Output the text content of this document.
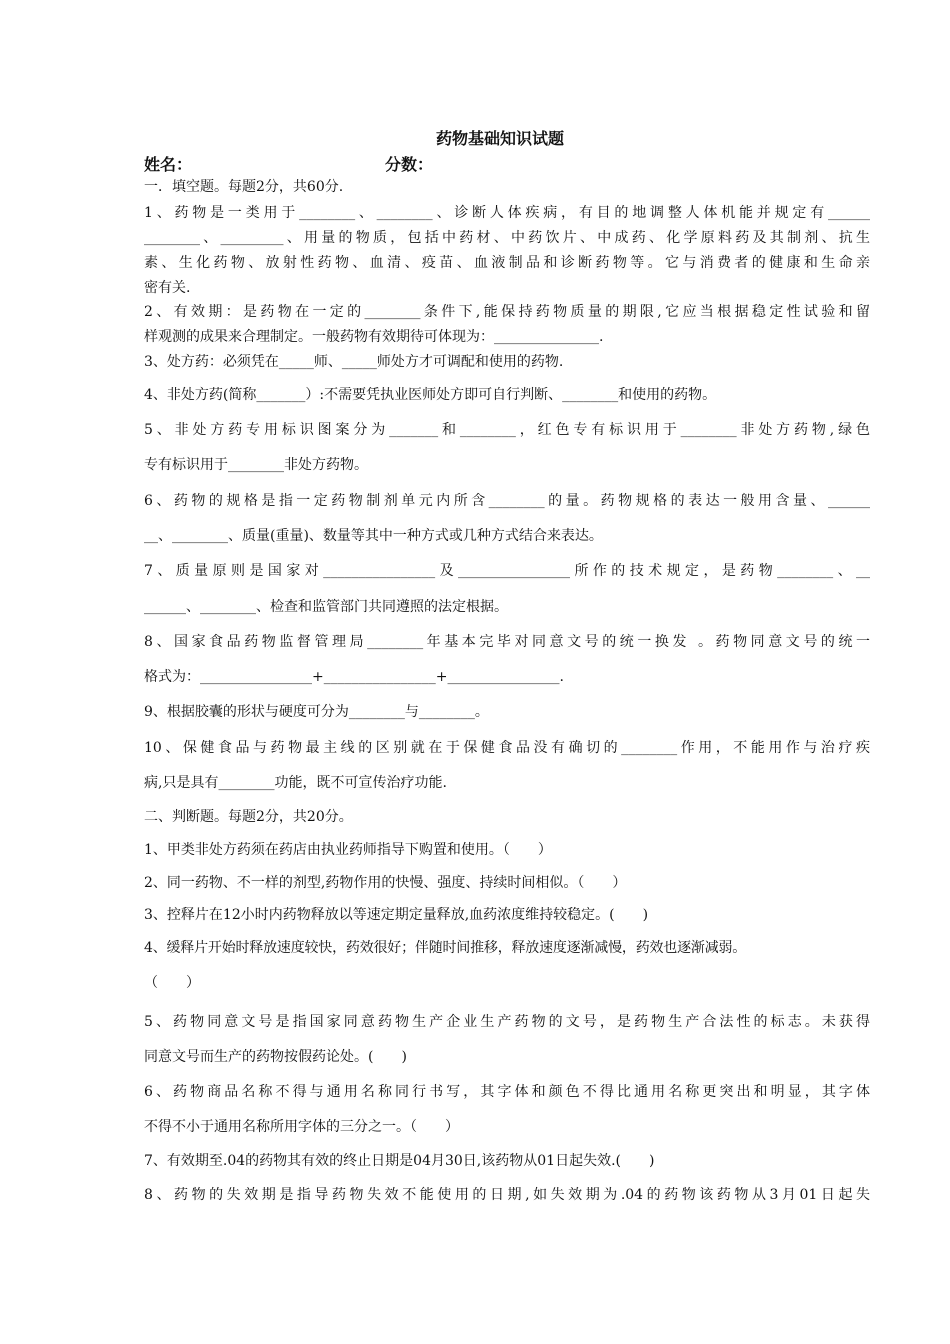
药物基础知识试题
姓名：	分数：
一．填空题。每题2分，共60分.
1、药物是一类用于________、________、诊断人体疾病，有目的地调整人体机能并规定有______
________、_________、用量的物质，包括中药材、中药饮片、中成药、化学原料药及其制剂、抗生
素、生化药物、放射性药物、血清、疫苗、血液制品和诊断药物等。它与消费者的健康和生命亲
密有关.
2、有效期：是药物在一定的________条件下,能保持药物质量的期限,它应当根据稳定性试验和留
样观测的成果来合理制定。一般药物有效期待可体现为：_______________.
3、处方药：必须凭在_____师、_____师处方才可调配和使用的药物.
4、非处方药(简称_______）:不需要凭执业医师处方即可自行判断、________和使用的药物。
5、非处方药专用标识图案分为_______和________，红色专有标识用于________非处方药物,绿色
专有标识用于________非处方药物。
6、药物的规格是指一定药物制剂单元内所含________的量。药物规格的表达一般用含量、______
__、________、质量(重量)、数量等其中一种方式或几种方式结合来表达。
7、质量原则是国家对________________及________________所作的技术规定，是药物________、__
______、________、检查和监管部门共同遵照的法定根据。
8、国家食品药物监督管理局________年基本完毕对同意文号的统一换发 。药物同意文号的统一
格式为：________________+________________+________________.
9、根据胶囊的形状与硬度可分为________与________。
10、保健食品与药物最主线的区别就在于保健食品没有确切的________作用，不能用作与治疗疾
病,只是具有________功能，既不可宣传治疗功能.
二、判断题。每题2分，共20分。
1、甲类非处方药须在药店由执业药师指导下购置和使用。（　　）
2、同一药物、不一样的剂型,药物作用的快慢、强度、持续时间相似。（　　）
3、控释片在12小时内药物释放以等速定期定量释放,血药浓度维持较稳定。(　　)
4、缓释片开始时释放速度较快，药效很好；伴随时间推移，释放速度逐渐减慢，药效也逐渐减弱。
（　　）
5、药物同意文号是指国家同意药物生产企业生产药物的文号，是药物生产合法性的标志。未获得
同意文号而生产的药物按假药论处。(　　)
6、药物商品名称不得与通用名称同行书写，其字体和颜色不得比通用名称更突出和明显，其字体
不得不小于通用名称所用字体的三分之一。（　　）
7、有效期至.04的药物其有效的终止日期是04月30日,该药物从01日起失效.(　　)
8、药物的失效期是指导药物失效不能使用的日期,如失效期为.04的药物该药物从3月01日起失
